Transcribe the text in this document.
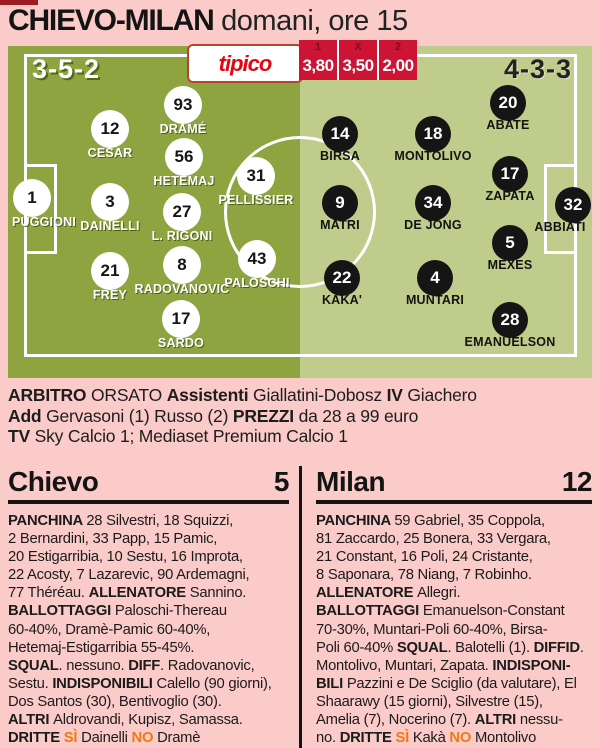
CHIEVO-MILAN domani, ore 15
3-5-2	4-3-3
93
DRAMÉ
12
CESAR	56
HETEMAJ	31
PELLISSIER
1
PUGGIONI
3
DAINELLI
27
L. RIGONI
43
PALOSCHI
8
RADOVANOVIC
21
FREY
17
SARDO
20
ABATE
14
BIRSA
18
MONTOLIVO
17
ZAPATA
9
MATRI
34
DE JONG
32
ABBIATI
5
MEXES
22
KAKA'
4
MUNTARI
28
EMANUELSON
tipico
1
3,80
X
3,50
2
2,00
ARBITRO ORSATO Assistenti Giallatini-Dobosz IV Giachero
Add Gervasoni (1) Russo (2) PREZZI da 28 a 99 euro
TV Sky Calcio 1; Mediaset Premium Calcio 1
Chievo	5
PANCHINA 28 Silvestri, 18 Squizzi,
2 Bernardini, 33 Papp, 15 Pamic,
20 Estigarribia, 10 Sestu, 16 Improta,
22 Acosty, 7 Lazarevic, 90 Ardemagni,
77 Théréau. ALLENATORE Sannino.
BALLOTTAGGI Paloschi-Thereau
60-40%, Dramè-Pamic 60-40%,
Hetemaj-Estigarribia 55-45%.
SQUAL. nessuno. DIFF. Radovanovic,
Sestu. INDISPONIBILI Calello (90 giorni),
Dos Santos (30), Bentivoglio (30).
ALTRI Aldrovandi, Kupisz, Samassa.
DRITTE SÌ Dainelli NO Dramè
Milan	12
PANCHINA 59 Gabriel, 35 Coppola,
81 Zaccardo, 25 Bonera, 33 Vergara,
21 Constant, 16 Poli, 24 Cristante,
8 Saponara, 78 Niang, 7 Robinho.
ALLENATORE Allegri.
BALLOTTAGGI Emanuelson-Constant
70-30%, Muntari-Poli 60-40%, Birsa-
Poli 60-40% SQUAL. Balotelli (1). DIFFID.
Montolivo, Muntari, Zapata. INDISPONI-
BILI Pazzini e De Sciglio (da valutare), El
Shaarawy (15 giorni), Silvestre (15),
Amelia (7), Nocerino (7). ALTRI nessu-
no. DRITTE SÌ Kakà NO Montolivo
